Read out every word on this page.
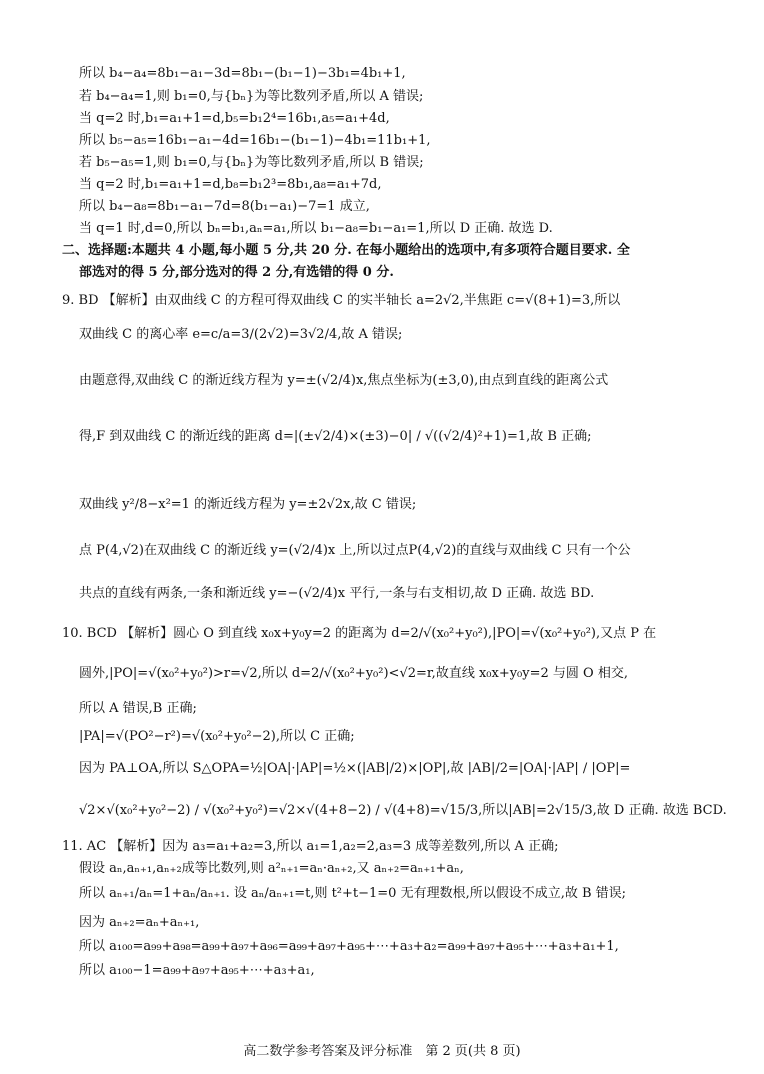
所以 b₄−a₄=8b₁−a₁−3d=8b₁−(b₁−1)−3b₁=4b₁+1,
若 b₄−a₄=1,则 b₁=0,与{bₙ}为等比数列矛盾,所以 A 错误;
当 q=2 时,b₁=a₁+1=d,b₅=b₁2⁴=16b₁,a₅=a₁+4d,
所以 b₅−a₅=16b₁−a₁−4d=16b₁−(b₁−1)−4b₁=11b₁+1,
若 b₅−a₅=1,则 b₁=0,与{bₙ}为等比数列矛盾,所以 B 错误;
当 q=2 时,b₁=a₁+1=d,b₈=b₁2³=8b₁,a₈=a₁+7d,
所以 b₄−a₈=8b₁−a₁−7d=8(b₁−a₁)−7=1 成立,
当 q=1 时,d=0,所以 bₙ=b₁,aₙ=a₁,所以 b₁−a₈=b₁−a₁=1,所以 D 正确. 故选 D.
二、选择题:本题共 4 小题,每小题 5 分,共 20 分. 在每小题给出的选项中,有多项符合题目要求. 全
部选对的得 5 分,部分选对的得 2 分,有选错的得 0 分.
9. BD 【解析】由双曲线 C 的方程可得双曲线 C 的实半轴长 a=2√2,半焦距 c=√(8+1)=3,所以
双曲线 C 的离心率 e=c/a=3/(2√2)=3√2/4,故 A 错误;
由题意得,双曲线 C 的渐近线方程为 y=±(√2/4)x,焦点坐标为(±3,0),由点到直线的距离公式
得,F 到双曲线 C 的渐近线的距离 d=|(±√2/4)×(±3)−0| / √((√2/4)²+1)=1,故 B 正确;
双曲线 y²/8−x²=1 的渐近线方程为 y=±2√2x,故 C 错误;
点 P(4,√2)在双曲线 C 的渐近线 y=(√2/4)x 上,所以过点P(4,√2)的直线与双曲线 C 只有一个公
共点的直线有两条,一条和渐近线 y=−(√2/4)x 平行,一条与右支相切,故 D 正确. 故选 BD.
10. BCD 【解析】圆心 O 到直线 x₀x+y₀y=2 的距离为 d=2/√(x₀²+y₀²),|PO|=√(x₀²+y₀²),又点 P 在
圆外,|PO|=√(x₀²+y₀²)>r=√2,所以 d=2/√(x₀²+y₀²)<√2=r,故直线 x₀x+y₀y=2 与圆 O 相交,
所以 A 错误,B 正确;
|PA|=√(PO²−r²)=√(x₀²+y₀²−2),所以 C 正确;
因为 PA⊥OA,所以 S△OPA=½|OA|·|AP|=½×(|AB|/2)×|OP|,故 |AB|/2=|OA|·|AP| / |OP|=
√2×√(x₀²+y₀²−2) / √(x₀²+y₀²)=√2×√(4+8−2) / √(4+8)=√15/3,所以|AB|=2√15/3,故 D 正确. 故选 BCD.
11. AC 【解析】因为 a₃=a₁+a₂=3,所以 a₁=1,a₂=2,a₃=3 成等差数列,所以 A 正确;
假设 aₙ,aₙ₊₁,aₙ₊₂成等比数列,则 a²ₙ₊₁=aₙ·aₙ₊₂,又 aₙ₊₂=aₙ₊₁+aₙ,
所以 aₙ₊₁/aₙ=1+aₙ/aₙ₊₁. 设 aₙ/aₙ₊₁=t,则 t²+t−1=0 无有理数根,所以假设不成立,故 B 错误;
因为 aₙ₊₂=aₙ+aₙ₊₁,
所以 a₁₀₀=a₉₉+a₉₈=a₉₉+a₉₇+a₉₆=a₉₉+a₉₇+a₉₅+⋯+a₃+a₂=a₉₉+a₉₇+a₉₅+⋯+a₃+a₁+1,
所以 a₁₀₀−1=a₉₉+a₉₇+a₉₅+⋯+a₃+a₁,
高二数学参考答案及评分标准　第 2 页(共 8 页)
